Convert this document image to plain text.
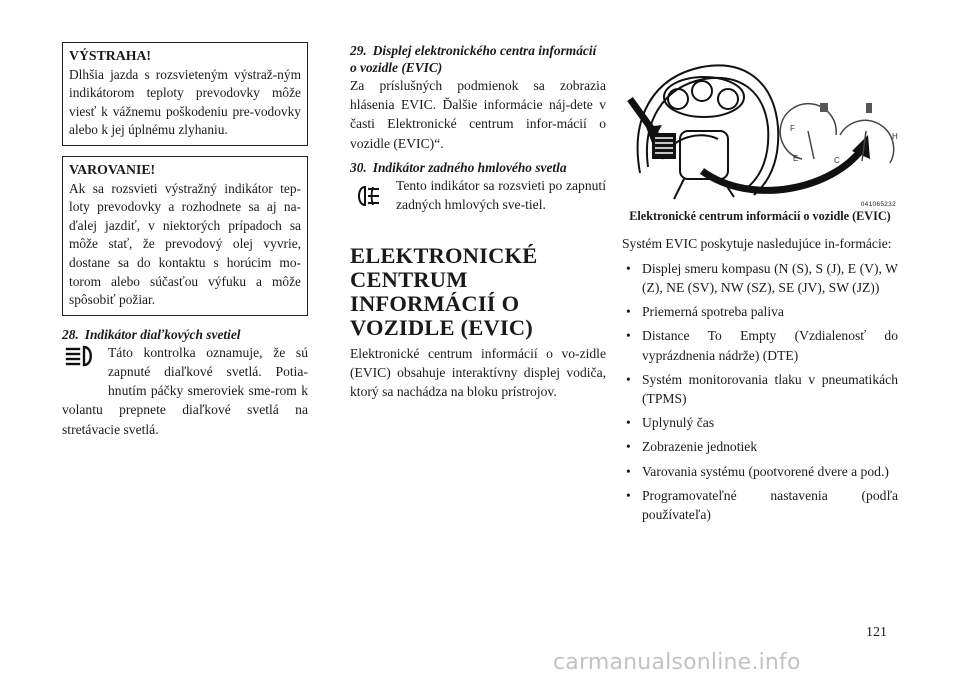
VÝSTRAHA!
Dlhšia jazda s rozsvieteným výstraž-ným indikátorom teploty prevodovky môže viesť k vážnemu poškodeniu pre-vodovky alebo k jej úplnému zlyhaniu.
VAROVANIE!
Ak sa rozsvieti výstražný indikátor tep-loty prevodovky a rozhodnete sa aj na-ďalej jazdiť, v niektorých prípadoch sa môže stať, že prevodový olej vyvrie, dostane sa do kontaktu s horúcim mo-torom alebo súčasťou výfuku a môže spôsobiť požiar.
28. Indikátor diaľkových svetiel

Táto kontrolka oznamuje, že sú zapnuté diaľkové svetlá. Potia-hnutím páčky smeroviek sme-rom k volantu prepnete diaľkové svetlá na stretávacie svetlá.

29. Displej elektronického centra informácií o vozidle (EVIC)

Za príslušných podmienok sa zobrazia hlásenia EVIC. Ďalšie informácie náj-dete v časti Elektronické centrum infor-mácií o vozidle (EVIC)“.

30. Indikátor zadného hmlového svetla

Tento indikátor sa rozsvieti po zapnutí zadných hmlových sve-tiel.

ELEKTRONICKÉ CENTRUM INFORMÁCIÍ O VOZIDLE (EVIC)

Elektronické centrum informácií o vo-zidle (EVIC) obsahuje interaktívny displej vodiča, ktorý sa nachádza na bloku prístrojov.

F
E
H
C
041065232
Elektronické centrum informácií o vozidle (EVIC)

Systém EVIC poskytuje nasledujúce in-formácie:

• Displej smeru kompasu (N (S), S (J), E (V), W (Z), NE (SV), NW (SZ), SE (JV), SW (JZ))
• Priemerná spotreba paliva
• Distance To Empty (Vzdialenosť do vyprázdnenia nádrže) (DTE)
• Systém monitorovania tlaku v pneumatikách (TPMS)
• Uplynulý čas
• Zobrazenie jednotiek
• Varovania systému (pootvorené dvere a pod.)
• Programovateľné nastavenia (podľa používateľa)
121
carmanualsonline.info
